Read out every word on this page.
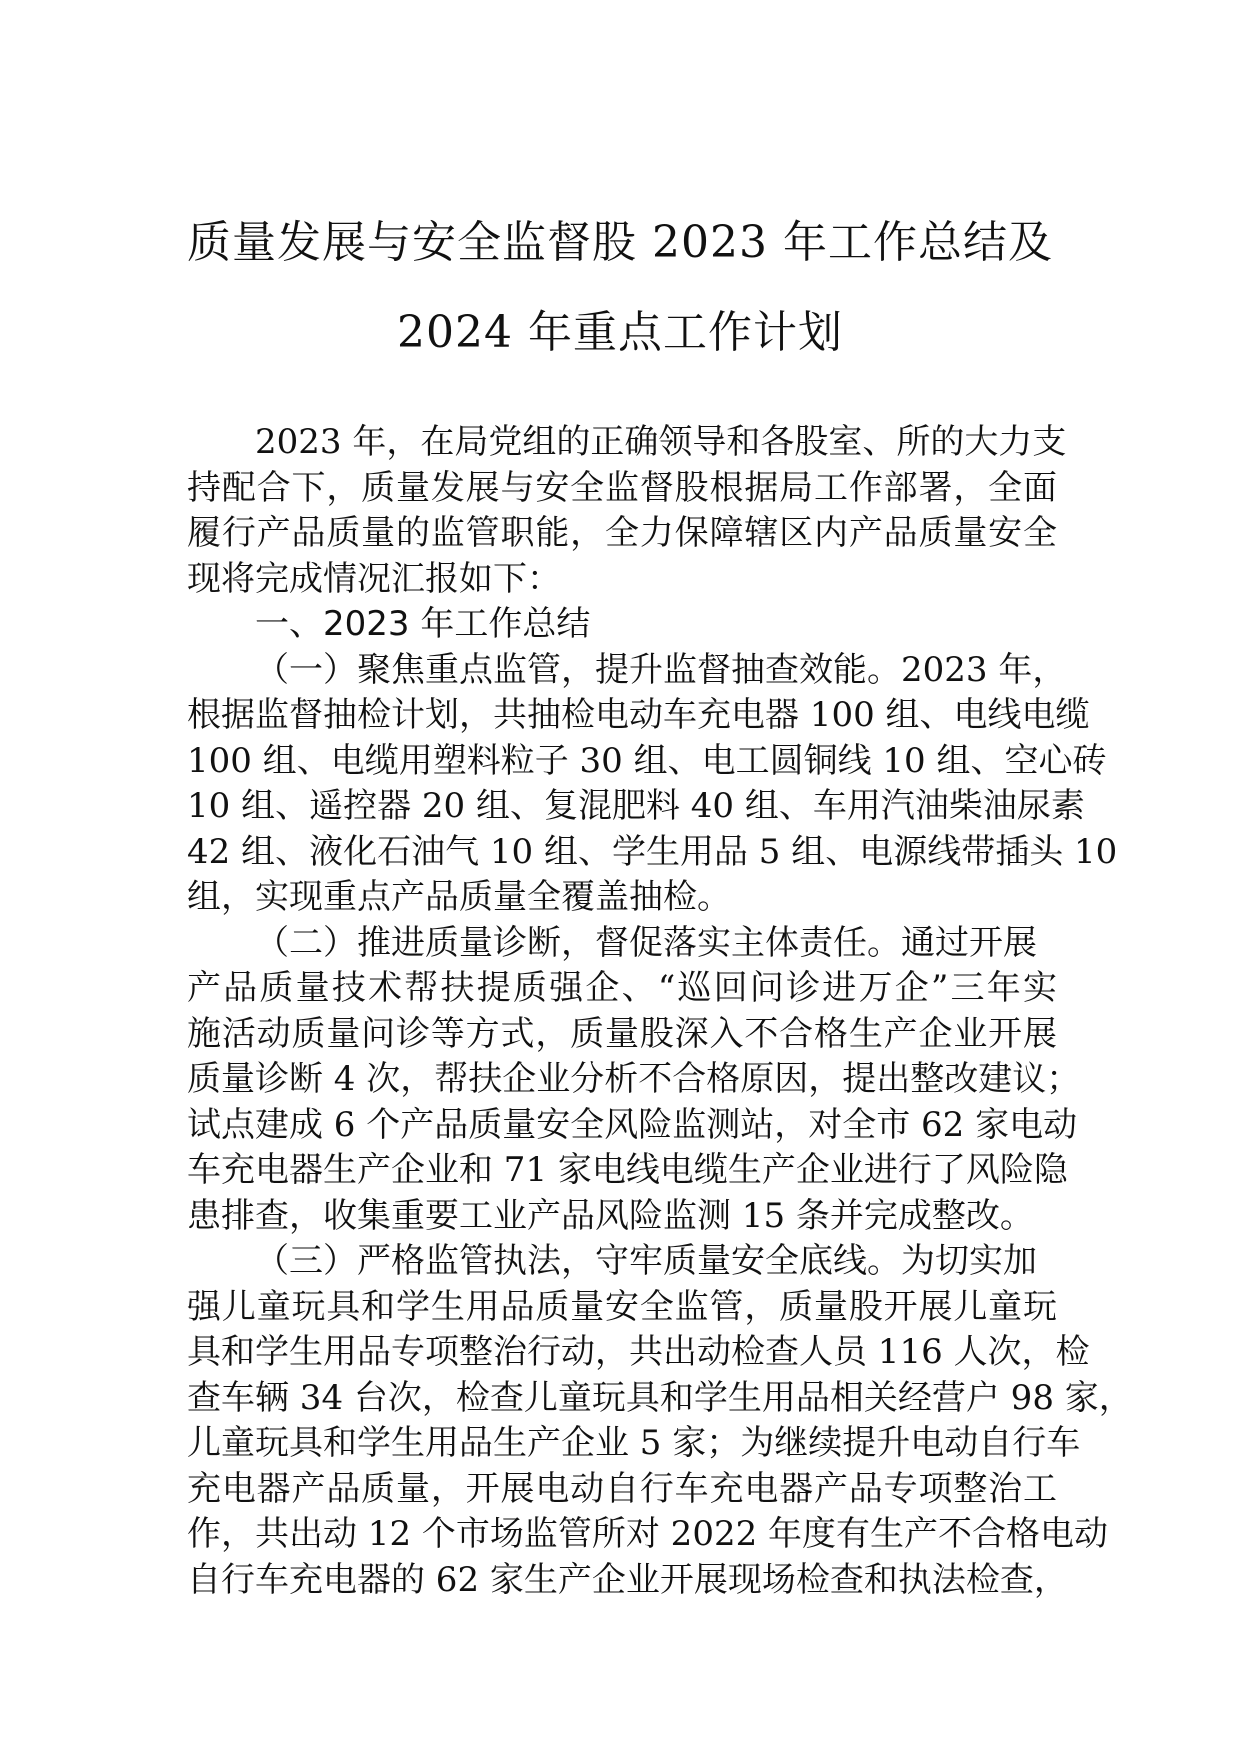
质量发展与安全监督股 2023 年工作总结及
2024 年重点工作计划
2023 年，在局党组的正确领导和各股室、所的大力支
持配合下，质量发展与安全监督股根据局工作部署，全面
履行产品质量的监管职能，全力保障辖区内产品质量安全
现将完成情况汇报如下：
一、2023 年工作总结
（一）聚焦重点监管，提升监督抽查效能。2023 年，
根据监督抽检计划，共抽检电动车充电器 100 组、电线电缆
100 组、电缆用塑料粒子 30 组、电工圆铜线 10 组、空心砖
10 组、遥控器 20 组、复混肥料 40 组、车用汽油柴油尿素
42 组、液化石油气 10 组、学生用品 5 组、电源线带插头 10
组，实现重点产品质量全覆盖抽检。
（二）推进质量诊断，督促落实主体责任。通过开展
产品质量技术帮扶提质强企、“巡回问诊进万企”三年实
施活动质量问诊等方式，质量股深入不合格生产企业开展
质量诊断 4 次，帮扶企业分析不合格原因，提出整改建议；
试点建成 6 个产品质量安全风险监测站，对全市 62 家电动
车充电器生产企业和 71 家电线电缆生产企业进行了风险隐
患排查，收集重要工业产品风险监测 15 条并完成整改。
（三）严格监管执法，守牢质量安全底线。为切实加
强儿童玩具和学生用品质量安全监管，质量股开展儿童玩
具和学生用品专项整治行动，共出动检查人员 116 人次，检
查车辆 34 台次，检查儿童玩具和学生用品相关经营户 98 家，
儿童玩具和学生用品生产企业 5 家；为继续提升电动自行车
充电器产品质量，开展电动自行车充电器产品专项整治工
作，共出动 12 个市场监管所对 2022 年度有生产不合格电动
自行车充电器的 62 家生产企业开展现场检查和执法检查，
